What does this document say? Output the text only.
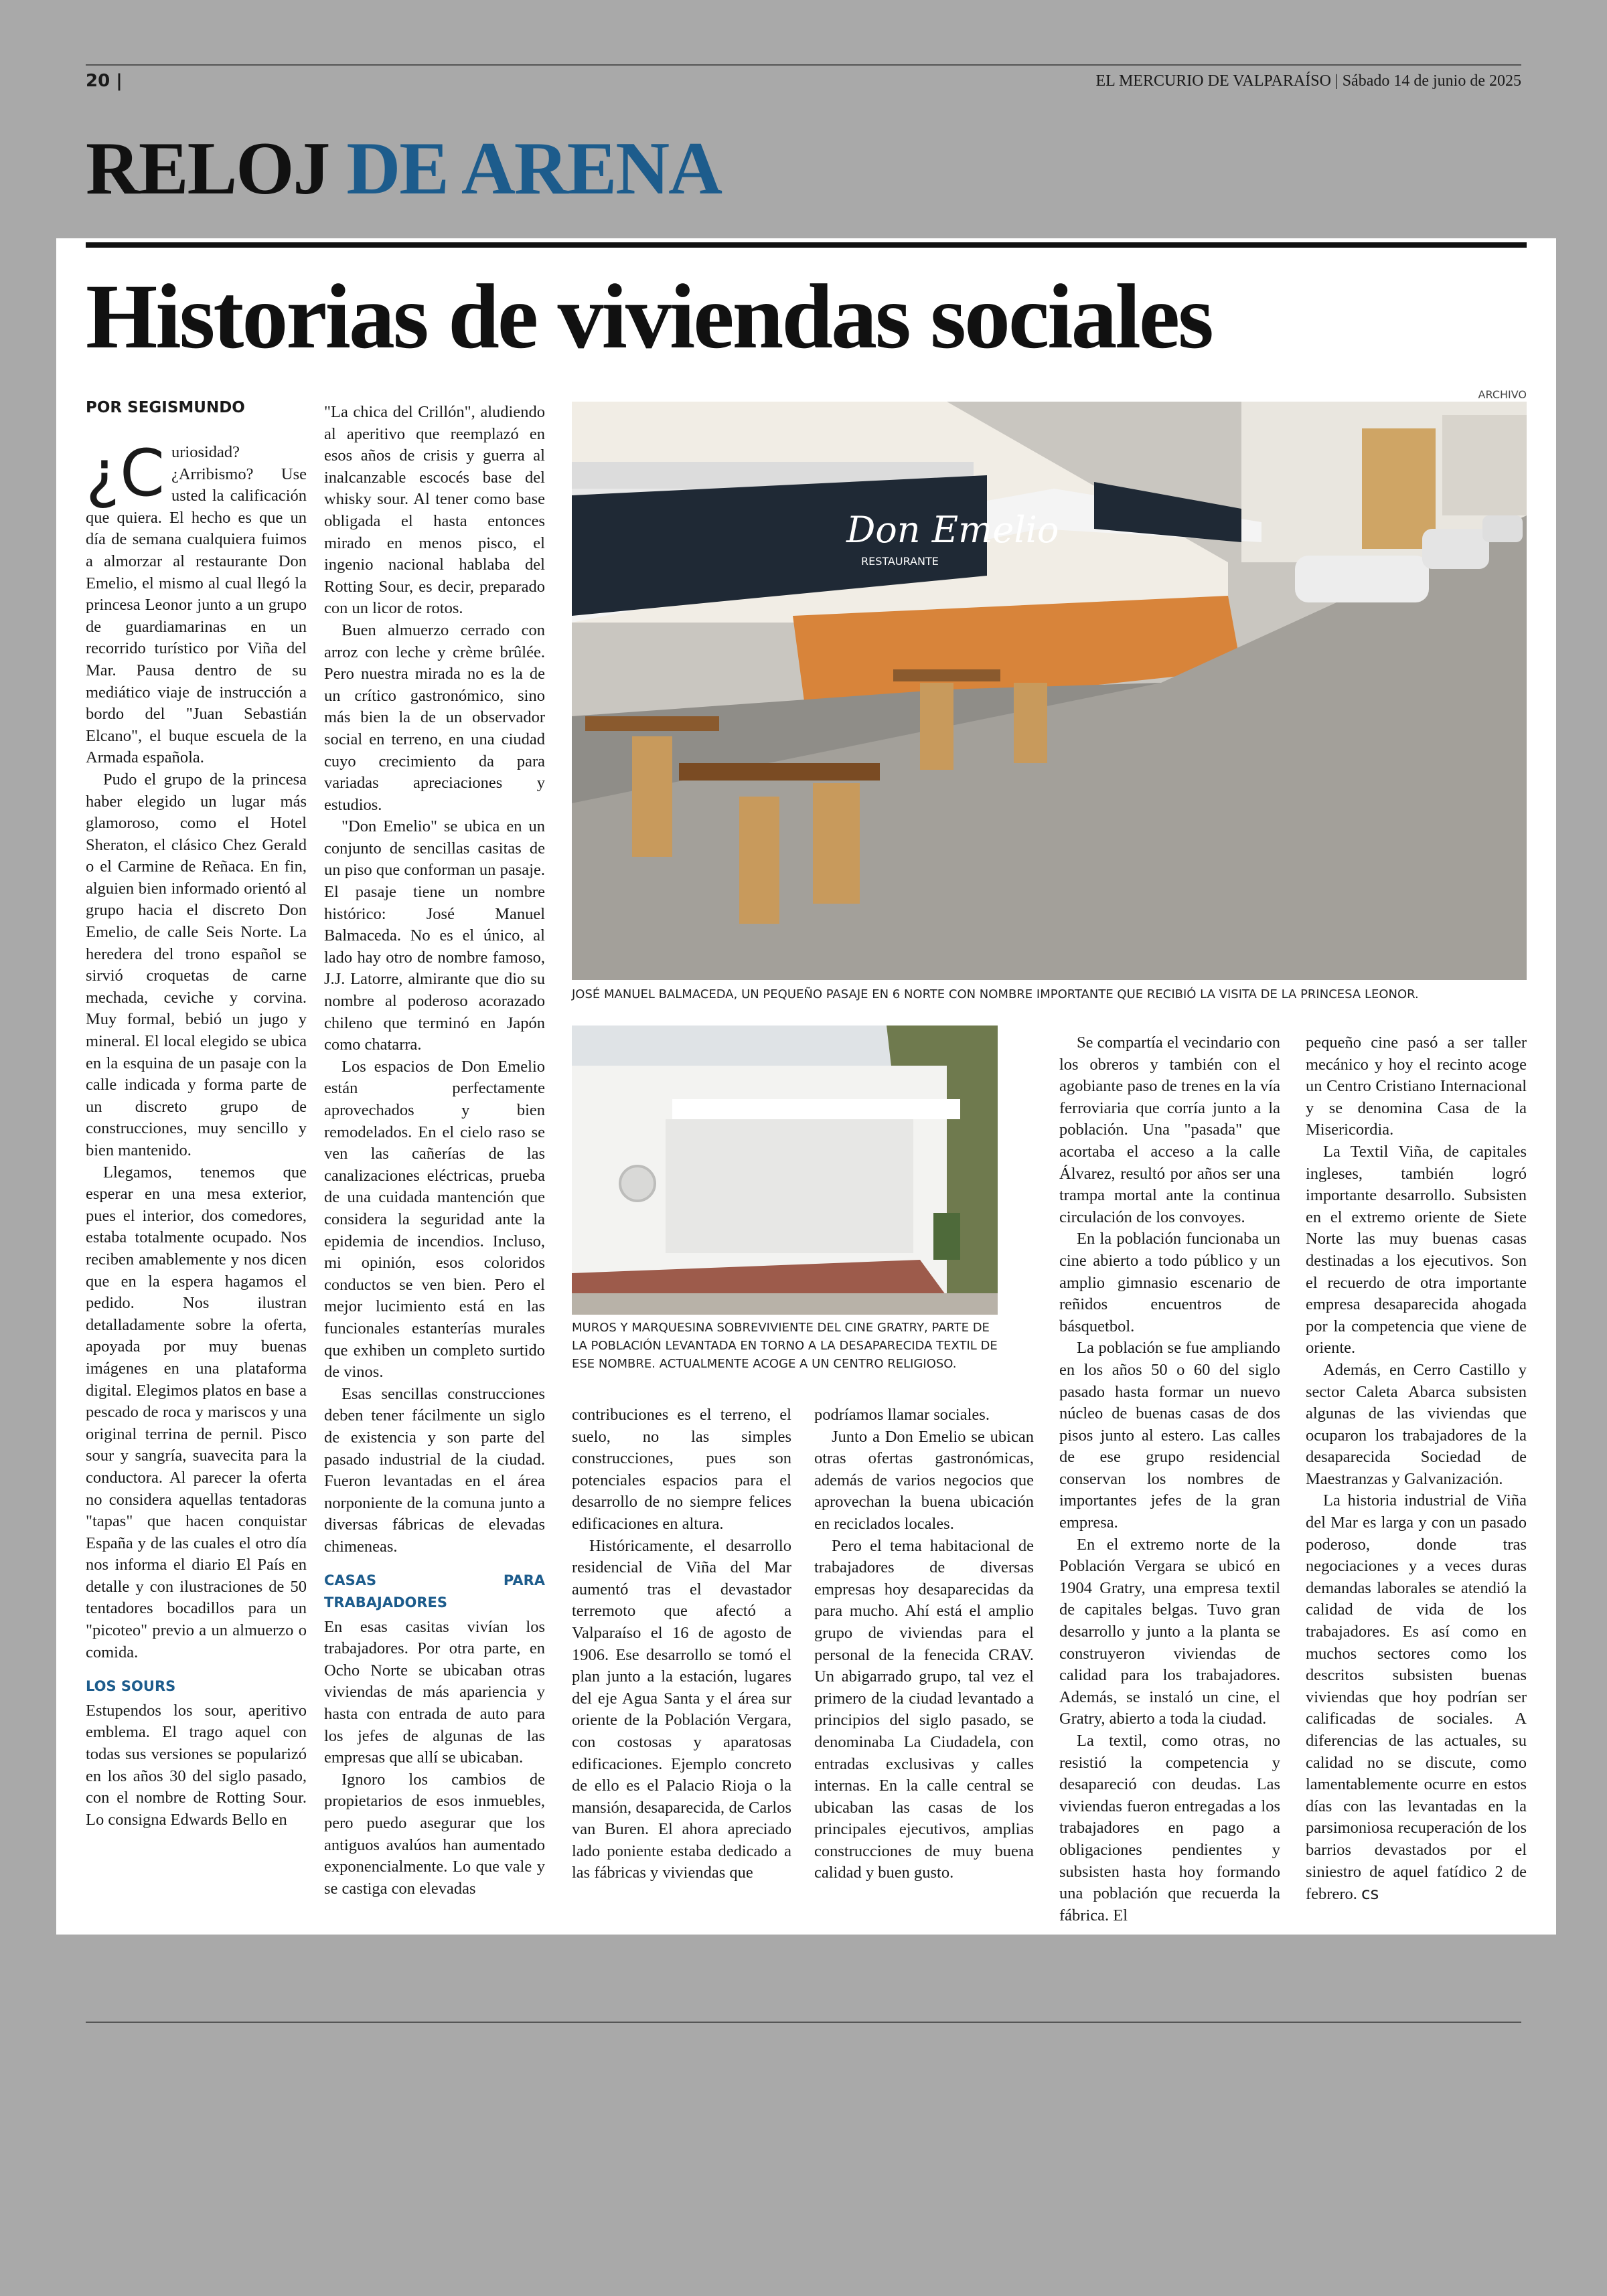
20 |	EL MERCURIO DE VALPARAÍSO | Sábado 14 de junio de 2025
RELOJ DE ARENA
Historias de viviendas sociales
POR SEGISMUNDO

¿C uriosidad? ¿Arribismo? Use usted la calificación que quiera. El hecho es que un día de semana cualquiera fuimos a almorzar al restaurante Don Emelio, el mismo al cual llegó la princesa Leonor junto a un grupo de guardiamarinas en un recorrido turístico por Viña del Mar. Pausa dentro de su mediático viaje de instrucción a bordo del "Juan Sebastián Elcano", el buque escuela de la Armada española.

Pudo el grupo de la princesa haber elegido un lugar más glamoroso, como el Hotel Sheraton, el clásico Chez Gerald o el Carmine de Reñaca. En fin, alguien bien informado orientó al grupo hacia el discreto Don Emelio, de calle Seis Norte. La heredera del trono español se sirvió croquetas de carne mechada, ceviche y corvina. Muy formal, bebió un jugo y mineral. El local elegido se ubica en la esquina de un pasaje con la calle indicada y forma parte de un discreto grupo de construcciones, muy sencillo y bien mantenido.

Llegamos, tenemos que esperar en una mesa exterior, pues el interior, dos comedores, estaba totalmente ocupado. Nos reciben amablemente y nos dicen que en la espera hagamos el pedido. Nos ilustran detalladamente sobre la oferta, apoyada por muy buenas imágenes en una plataforma digital. Elegimos platos en base a pescado de roca y mariscos y una original terrina de pernil. Pisco sour y sangría, suavecita para la conductora. Al parecer la oferta no considera aquellas tentadoras "tapas" que hacen conquistar España y de las cuales el otro día nos informa el diario El País en detalle y con ilustraciones de 50 tentadores bocadillos para un "picoteo" previo a un almuerzo o comida.

LOS SOURS

Estupendos los sour, aperitivo emblema. El trago aquel con todas sus versiones se popularizó en los años 30 del siglo pasado, con el nombre de Rotting Sour. Lo consigna Edwards Bello en

"La chica del Crillón", aludiendo al aperitivo que reemplazó en esos años de crisis y guerra al inalcanzable escocés base del whisky sour. Al tener como base obligada el hasta entonces mirado en menos pisco, el ingenio nacional hablaba del Rotting Sour, es decir, preparado con un licor de rotos.

Buen almuerzo cerrado con arroz con leche y crème brûlée. Pero nuestra mirada no es la de un crítico gastronómico, sino más bien la de un observador social en terreno, en una ciudad cuyo crecimiento da para variadas apreciaciones y estudios.

"Don Emelio" se ubica en un conjunto de sencillas casitas de un piso que conforman un pasaje. El pasaje tiene un nombre histórico: José Manuel Balmaceda. No es el único, al lado hay otro de nombre famoso, J.J. Latorre, almirante que dio su nombre al poderoso acorazado chileno que terminó en Japón como chatarra.

Los espacios de Don Emelio están perfectamente aprovechados y bien remodelados. En el cielo raso se ven las cañerías de las canalizaciones eléctricas, prueba de una cuidada mantención que considera la seguridad ante la epidemia de incendios. Incluso, mi opinión, esos coloridos conductos se ven bien. Pero el mejor lucimiento está en las funcionales estanterías murales que exhiben un completo surtido de vinos.

Esas sencillas construcciones deben tener fácilmente un siglo de existencia y son parte del pasado industrial de la ciudad. Fueron levantadas en el área norponiente de la comuna junto a diversas fábricas de elevadas chimeneas.

CASAS PARA TRABAJADORES

En esas casitas vivían los trabajadores. Por otra parte, en Ocho Norte se ubicaban otras viviendas de más apariencia y hasta con entrada de auto para los jefes de algunas de las empresas que allí se ubicaban.

Ignoro los cambios de propietarios de esos inmuebles, pero puedo asegurar que los antiguos avalúos han aumentado exponencialmente. Lo que vale y se castiga con elevadas

ARCHIVO
Don Emelio
RESTAURANTE
JOSÉ MANUEL BALMACEDA, UN PEQUEÑO PASAJE EN 6 NORTE CON NOMBRE IMPORTANTE QUE RECIBIÓ LA VISITA DE LA PRINCESA LEONOR.
MUROS Y MARQUESINA SOBREVIVIENTE DEL CINE GRATRY, PARTE DE LA POBLACIÓN LEVANTADA EN TORNO A LA DESAPARECIDA TEXTIL DE ESE NOMBRE. ACTUALMENTE ACOGE A UN CENTRO RELIGIOSO.

contribuciones es el terreno, el suelo, no las simples construcciones, pues son potenciales espacios para el desarrollo de no siempre felices edificaciones en altura.

Históricamente, el desarrollo residencial de Viña del Mar aumentó tras el devastador terremoto que afectó a Valparaíso el 16 de agosto de 1906. Ese desarrollo se tomó el plan junto a la estación, lugares del eje Agua Santa y el área sur oriente de la Población Vergara, con costosas y aparatosas edificaciones. Ejemplo concreto de ello es el Palacio Rioja o la mansión, desaparecida, de Carlos van Buren. El ahora apreciado lado poniente estaba dedicado a las fábricas y viviendas que

podríamos llamar sociales.

Junto a Don Emelio se ubican otras ofertas gastronómicas, además de varios negocios que aprovechan la buena ubicación en reciclados locales.

Pero el tema habitacional de trabajadores de diversas empresas hoy desaparecidas da para mucho. Ahí está el amplio grupo de viviendas para el personal de la fenecida CRAV. Un abigarrado grupo, tal vez el primero de la ciudad levantado a principios del siglo pasado, se denominaba La Ciudadela, con entradas exclusivas y calles internas. En la calle central se ubicaban las casas de los principales ejecutivos, amplias construcciones de muy buena calidad y buen gusto.

Se compartía el vecindario con los obreros y también con el agobiante paso de trenes en la vía ferroviaria que corría junto a la población. Una "pasada" que acortaba el acceso a la calle Álvarez, resultó por años ser una trampa mortal ante la continua circulación de los convoyes.

En la población funcionaba un cine abierto a todo público y un amplio gimnasio escenario de reñidos encuentros de básquetbol.

La población se fue ampliando en los años 50 o 60 del siglo pasado hasta formar un nuevo núcleo de buenas casas de dos pisos junto al estero. Las calles de ese grupo residencial conservan los nombres de importantes jefes de la gran empresa.

En el extremo norte de la Población Vergara se ubicó en 1904 Gratry, una empresa textil de capitales belgas. Tuvo gran desarrollo y junto a la planta se construyeron viviendas de calidad para los trabajadores. Además, se instaló un cine, el Gratry, abierto a toda la ciudad.

La textil, como otras, no resistió la competencia y desapareció con deudas. Las viviendas fueron entregadas a los trabajadores en pago a obligaciones pendientes y subsisten hasta hoy formando una población que recuerda la fábrica. El

pequeño cine pasó a ser taller mecánico y hoy el recinto acoge un Centro Cristiano Internacional y se denomina Casa de la Misericordia.

La Textil Viña, de capitales ingleses, también logró importante desarrollo. Subsisten en el extremo oriente de Siete Norte las muy buenas casas destinadas a los ejecutivos. Son el recuerdo de otra importante empresa desaparecida ahogada por la competencia que viene de oriente.

Además, en Cerro Castillo y sector Caleta Abarca subsisten algunas de las viviendas que ocuparon los trabajadores de la desaparecida Sociedad de Maestranzas y Galvanización.

La historia industrial de Viña del Mar es larga y con un pasado poderoso, donde tras negociaciones y a veces duras demandas laborales se atendió la calidad de vida de los trabajadores. Es así como en muchos sectores como los descritos subsisten buenas viviendas que hoy podrían ser calificadas de sociales. A diferencias de las actuales, su calidad no se discute, como lamentablemente ocurre en estos días con las levantadas en la parsimoniosa recuperación de los barrios devastados por el siniestro de aquel fatídico 2 de febrero. cs
